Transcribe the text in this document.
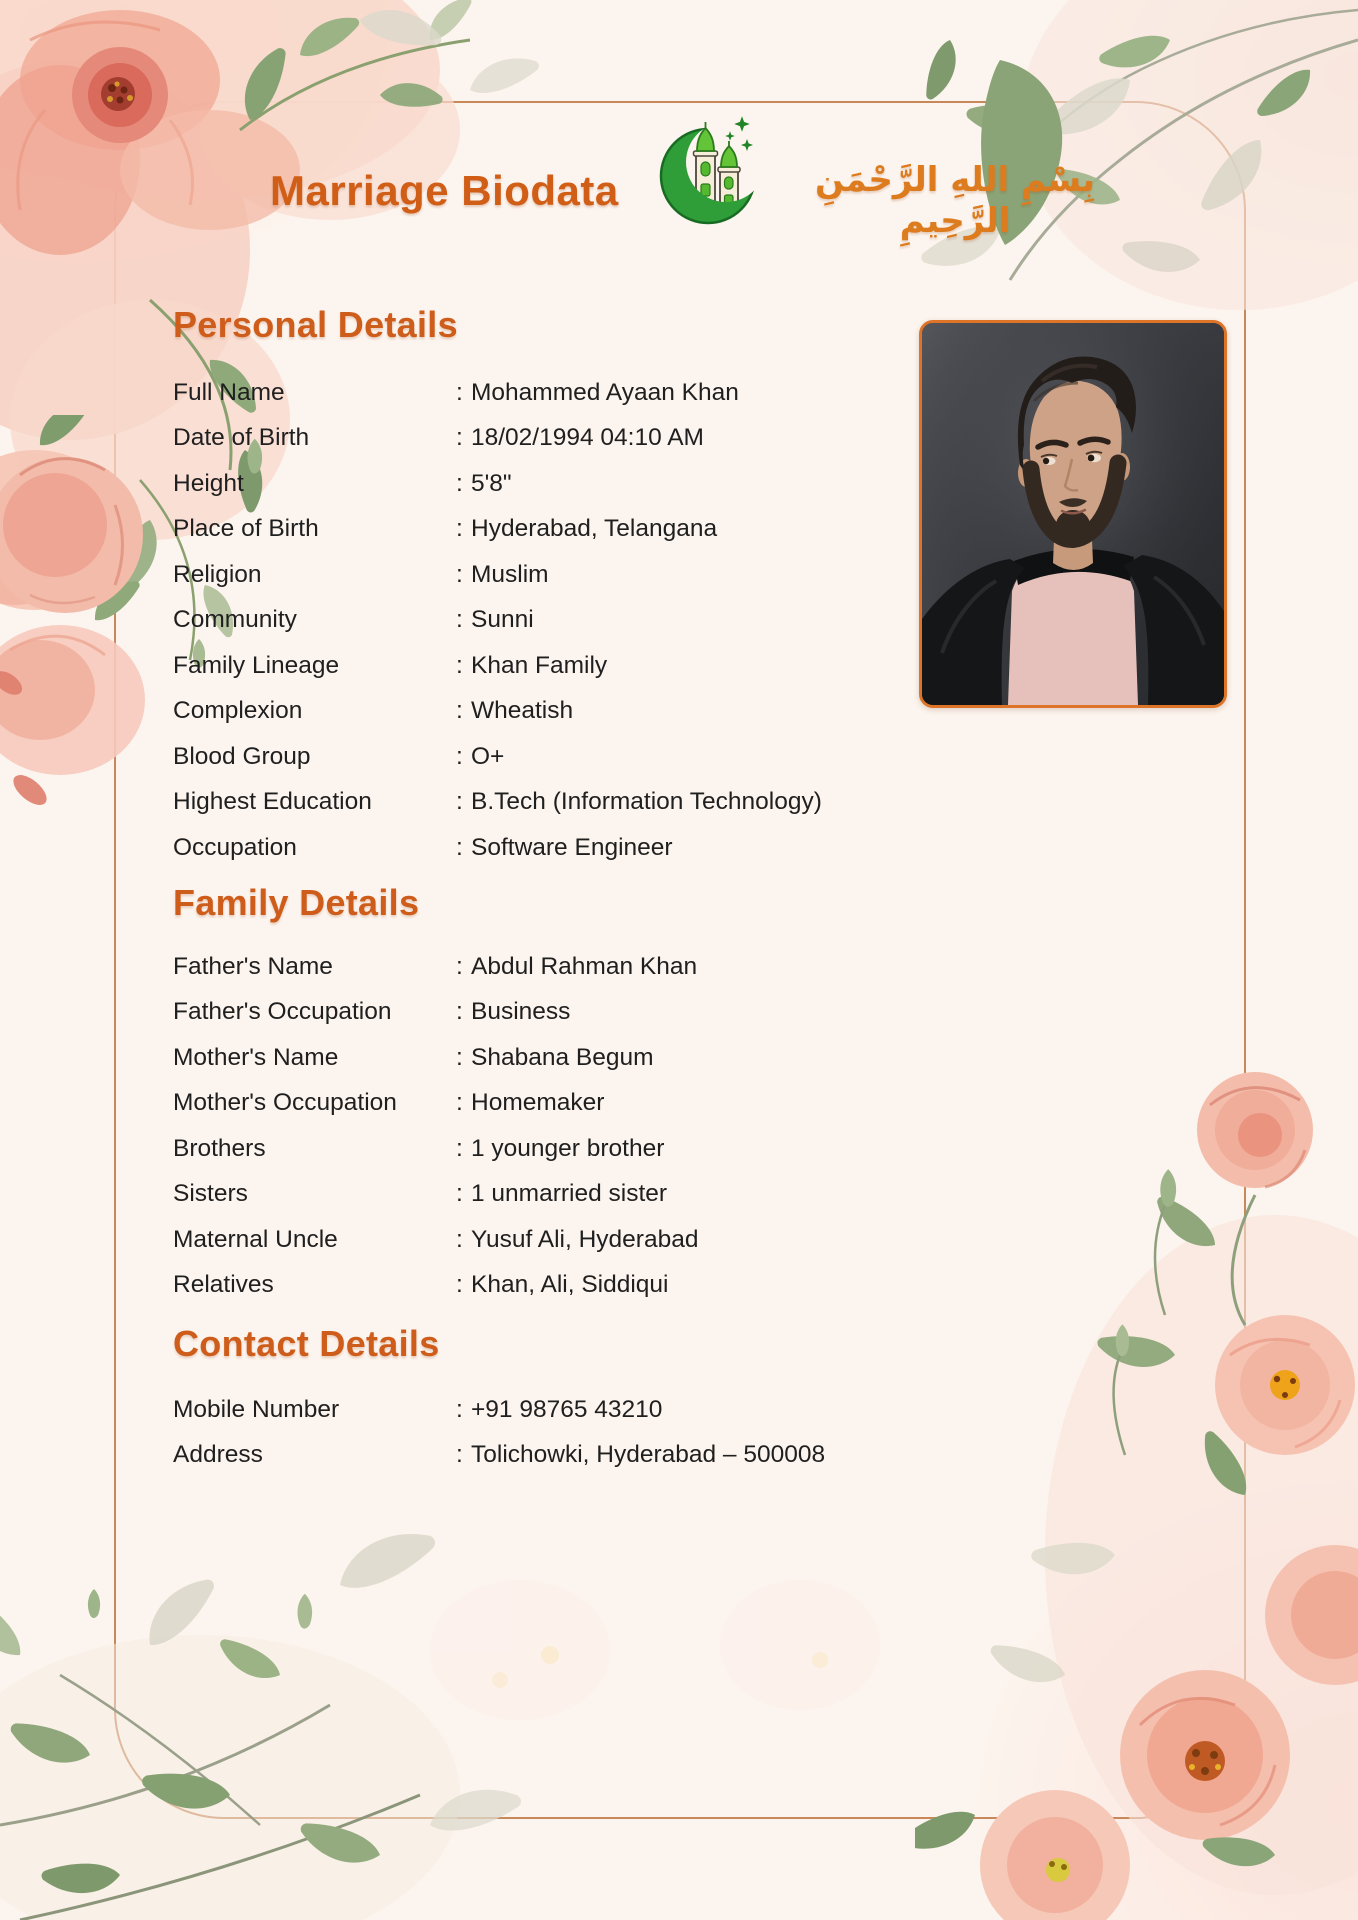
Marriage Biodata	بِسْمِ اللهِ الرَّحْمَنِ الرَّحِيمِ
Personal Details
Full Name	: Mohammed Ayaan Khan
Date of Birth	: 18/02/1994 04:10 AM
Height	: 5'8"
Place of Birth	: Hyderabad, Telangana
Religion	: Muslim
Community	: Sunni
Family Lineage	: Khan Family
Complexion	: Wheatish
Blood Group	: O+
Highest Education	: B.Tech (Information Technology)
Occupation	: Software Engineer
Family Details
Father's Name	: Abdul Rahman Khan
Father's Occupation	: Business
Mother's Name	: Shabana Begum
Mother's Occupation	: Homemaker
Brothers	: 1 younger brother
Sisters	: 1 unmarried sister
Maternal Uncle	: Yusuf Ali, Hyderabad
Relatives	: Khan, Ali, Siddiqui
Contact Details
Mobile Number	: +91 98765 43210
Address	: Tolichowki, Hyderabad – 500008
